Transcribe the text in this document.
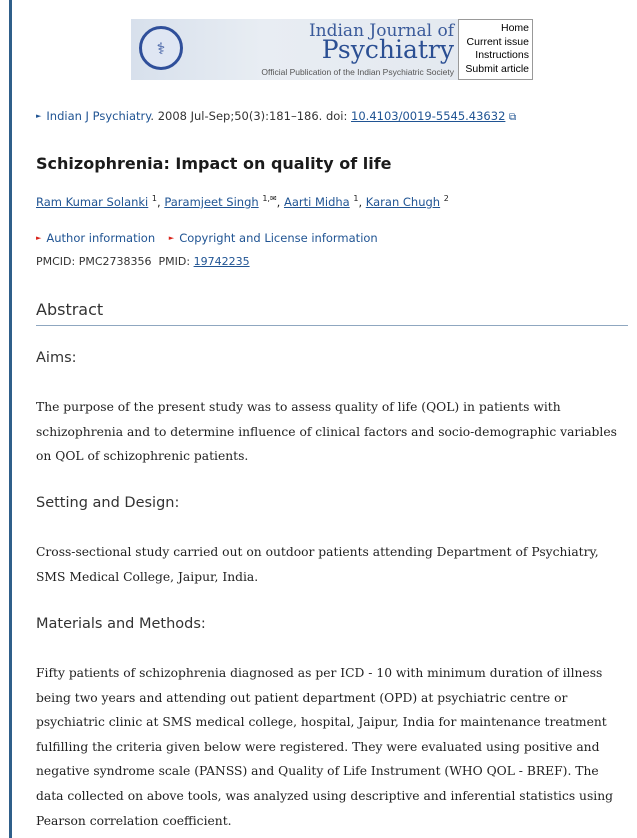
⚕
Indian Journal of
Psychiatry
Official Publication of the Indian Psychiatric Society
Home
Current issue
Instructions
Submit article
► Indian J Psychiatry. 2008 Jul-Sep;50(3):181–186. doi: 10.4103/0019-5545.43632 ⧉
Schizophrenia: Impact on quality of life
Ram Kumar Solanki $^1$, Paramjeet Singh $^{1,✉}$, Aarti Midha $^1$, Karan Chugh $^2$
► Author information ► Copyright and License information
PMCID: PMC2738356 PMID: 19742235
Abstract
Aims:
The purpose of the present study was to assess quality of life (QOL) in patients with schizophrenia and to determine influence of clinical factors and socio-demographic variables on QOL of schizophrenic patients.
Setting and Design:
Cross-sectional study carried out on outdoor patients attending Department of Psychiatry, SMS Medical College, Jaipur, India.
Materials and Methods:
Fifty patients of schizophrenia diagnosed as per ICD - 10 with minimum duration of illness being two years and attending out patient department (OPD) at psychiatric centre or psychiatric clinic at SMS medical college, hospital, Jaipur, India for maintenance treatment fulfilling the criteria given below were registered. They were evaluated using positive and negative syndrome scale (PANSS) and Quality of Life Instrument (WHO QOL - BREF). The data collected on above tools, was analyzed using descriptive and inferential statistics using Pearson correlation coefficient.
